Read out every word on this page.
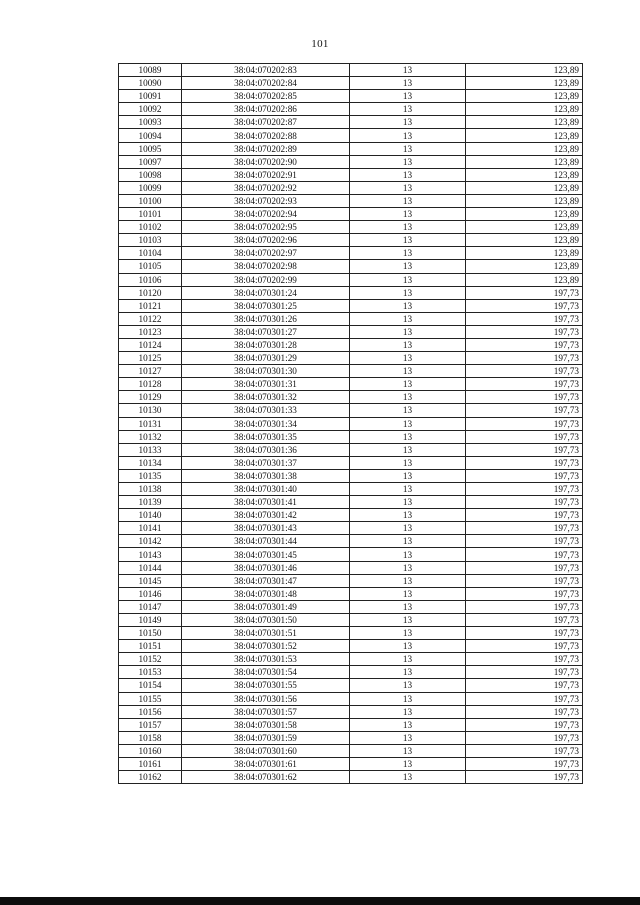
101
10089	38:04:070202:83	13	123,89
10090	38:04:070202:84	13	123,89
10091	38:04:070202:85	13	123,89
10092	38:04:070202:86	13	123,89
10093	38:04:070202:87	13	123,89
10094	38:04:070202:88	13	123,89
10095	38:04:070202:89	13	123,89
10097	38:04:070202:90	13	123,89
10098	38:04:070202:91	13	123,89
10099	38:04:070202:92	13	123,89
10100	38:04:070202:93	13	123,89
10101	38:04:070202:94	13	123,89
10102	38:04:070202:95	13	123,89
10103	38:04:070202:96	13	123,89
10104	38:04:070202:97	13	123,89
10105	38:04:070202:98	13	123,89
10106	38:04:070202:99	13	123,89
10120	38:04:070301:24	13	197,73
10121	38:04:070301:25	13	197,73
10122	38:04:070301:26	13	197,73
10123	38:04:070301:27	13	197,73
10124	38:04:070301:28	13	197,73
10125	38:04:070301:29	13	197,73
10127	38:04:070301:30	13	197,73
10128	38:04:070301:31	13	197,73
10129	38:04:070301:32	13	197,73
10130	38:04:070301:33	13	197,73
10131	38:04:070301:34	13	197,73
10132	38:04:070301:35	13	197,73
10133	38:04:070301:36	13	197,73
10134	38:04:070301:37	13	197,73
10135	38:04:070301:38	13	197,73
10138	38:04:070301:40	13	197,73
10139	38:04:070301:41	13	197,73
10140	38:04:070301:42	13	197,73
10141	38:04:070301:43	13	197,73
10142	38:04:070301:44	13	197,73
10143	38:04:070301:45	13	197,73
10144	38:04:070301:46	13	197,73
10145	38:04:070301:47	13	197,73
10146	38:04:070301:48	13	197,73
10147	38:04:070301:49	13	197,73
10149	38:04:070301:50	13	197,73
10150	38:04:070301:51	13	197,73
10151	38:04:070301:52	13	197,73
10152	38:04:070301:53	13	197,73
10153	38:04:070301:54	13	197,73
10154	38:04:070301:55	13	197,73
10155	38:04:070301:56	13	197,73
10156	38:04:070301:57	13	197,73
10157	38:04:070301:58	13	197,73
10158	38:04:070301:59	13	197,73
10160	38:04:070301:60	13	197,73
10161	38:04:070301:61	13	197,73
10162	38:04:070301:62	13	197,73
